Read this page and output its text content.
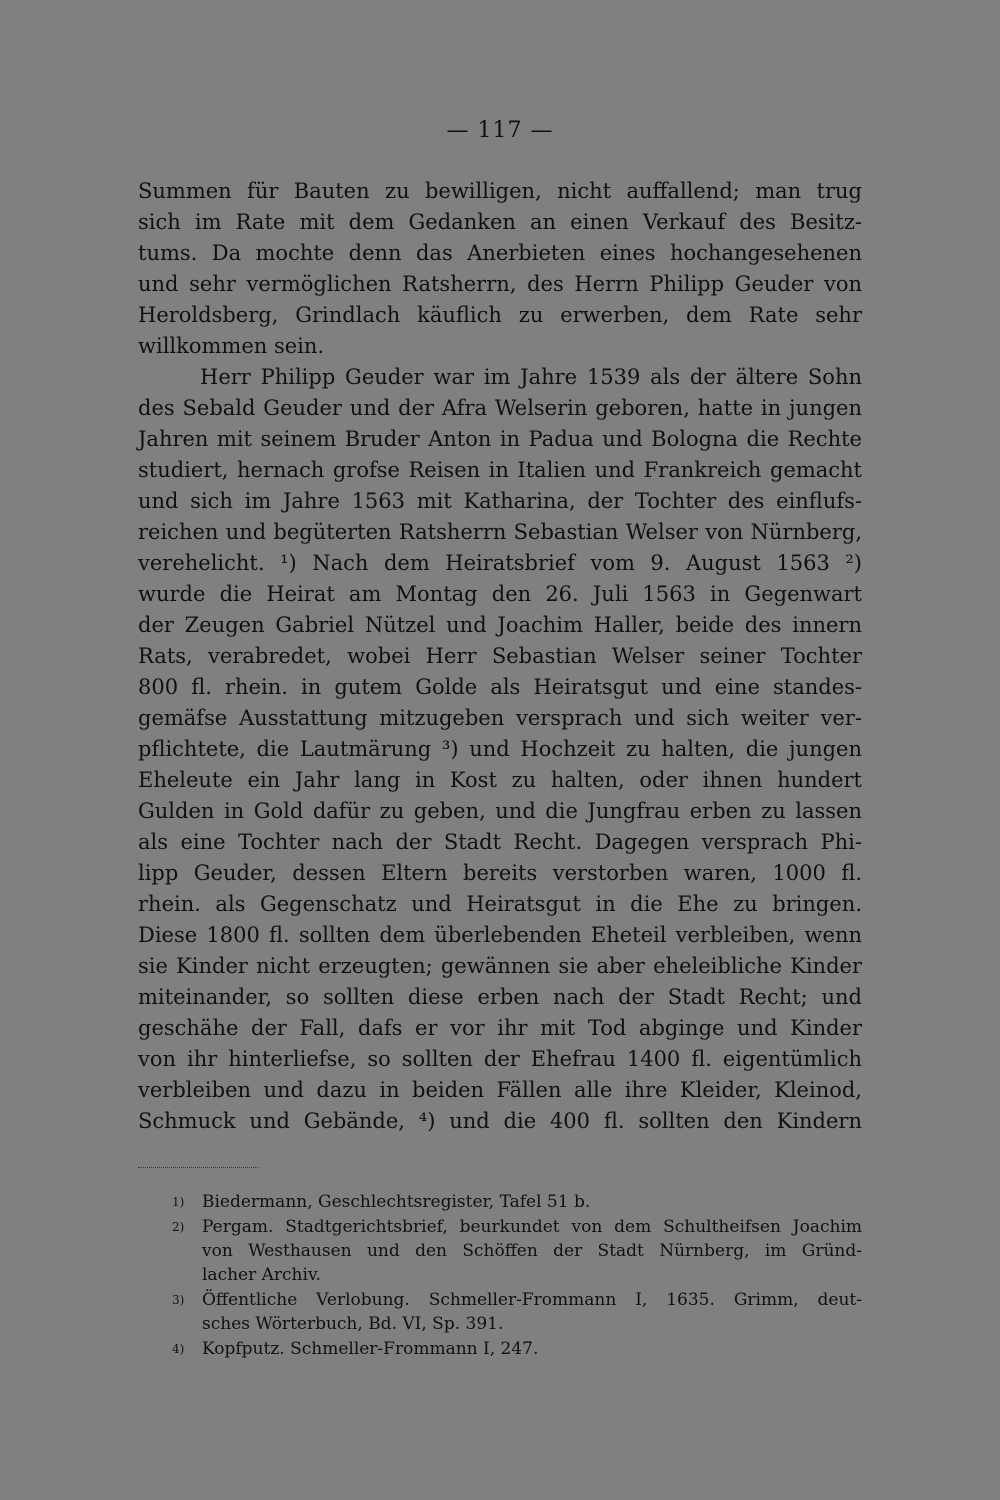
— 117 —
Summen für Bauten zu bewilligen, nicht auffallend; man trug
sich im Rate mit dem Gedanken an einen Verkauf des Besitz-
tums. Da mochte denn das Anerbieten eines hochangesehenen
und sehr vermöglichen Ratsherrn, des Herrn Philipp Geuder von
Heroldsberg, Grindlach käuflich zu erwerben, dem Rate sehr
willkommen sein.
Herr Philipp Geuder war im Jahre 1539 als der ältere Sohn
des Sebald Geuder und der Afra Welserin geboren, hatte in jungen
Jahren mit seinem Bruder Anton in Padua und Bologna die Rechte
studiert, hernach grofse Reisen in Italien und Frankreich gemacht
und sich im Jahre 1563 mit Katharina, der Tochter des einflufs-
reichen und begüterten Ratsherrn Sebastian Welser von Nürnberg,
verehelicht. ¹) Nach dem Heiratsbrief vom 9. August 1563 ²)
wurde die Heirat am Montag den 26. Juli 1563 in Gegenwart
der Zeugen Gabriel Nützel und Joachim Haller, beide des innern
Rats, verabredet, wobei Herr Sebastian Welser seiner Tochter
800 fl. rhein. in gutem Golde als Heiratsgut und eine standes-
gemäfse Ausstattung mitzugeben versprach und sich weiter ver-
pflichtete, die Lautmärung ³) und Hochzeit zu halten, die jungen
Eheleute ein Jahr lang in Kost zu halten, oder ihnen hundert
Gulden in Gold dafür zu geben, und die Jungfrau erben zu lassen
als eine Tochter nach der Stadt Recht. Dagegen versprach Phi-
lipp Geuder, dessen Eltern bereits verstorben waren, 1000 fl.
rhein. als Gegenschatz und Heiratsgut in die Ehe zu bringen.
Diese 1800 fl. sollten dem überlebenden Eheteil verbleiben, wenn
sie Kinder nicht erzeugten; gewännen sie aber eheleibliche Kinder
miteinander, so sollten diese erben nach der Stadt Recht; und
geschähe der Fall, dafs er vor ihr mit Tod abginge und Kinder
von ihr hinterliefse, so sollten der Ehefrau 1400 fl. eigentümlich
verbleiben und dazu in beiden Fällen alle ihre Kleider, Kleinod,
Schmuck und Gebände, ⁴) und die 400 fl. sollten den Kindern
1) Biedermann, Geschlechtsregister, Tafel 51 b.
2) Pergam. Stadtgerichtsbrief, beurkundet von dem Schultheifsen Joachim
von Westhausen und den Schöffen der Stadt Nürnberg, im Gründ-
lacher Archiv.
3) Öffentliche Verlobung. Schmeller-Frommann I, 1635. Grimm, deut-
sches Wörterbuch, Bd. VI, Sp. 391.
4) Kopfputz. Schmeller-Frommann I, 247.
